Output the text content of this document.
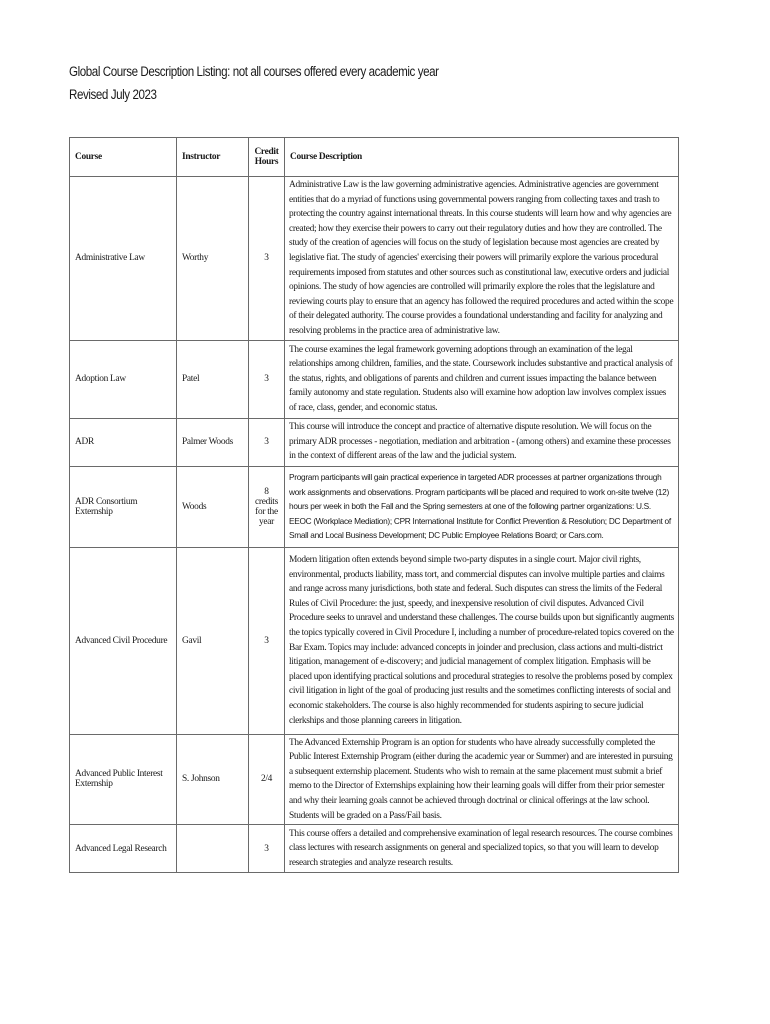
Global Course Description Listing: not all courses offered every academic year
Revised July 2023
Course	Instructor	Credit Hours	Course Description
Administrative Law	Worthy	3	Administrative Law is the law governing administrative agencies. Administrative agencies are government entities that do a myriad of functions using governmental powers ranging from collecting taxes and trash to protecting the country against international threats. In this course students will learn how and why agencies are created; how they exercise their powers to carry out their regulatory duties and how they are controlled. The study of the creation of agencies will focus on the study of legislation because most agencies are created by legislative fiat. The study of agencies' exercising their powers will primarily explore the various procedural requirements imposed from statutes and other sources such as constitutional law, executive orders and judicial opinions. The study of how agencies are controlled will primarily explore the roles that the legislature and reviewing courts play to ensure that an agency has followed the required procedures and acted within the scope of their delegated authority. The course provides a foundational understanding and facility for analyzing and resolving problems in the practice area of administrative law.
Adoption Law	Patel	3	The course examines the legal framework governing adoptions through an examination of the legal relationships among children, families, and the state. Coursework includes substantive and practical analysis of the status, rights, and obligations of parents and children and current issues impacting the balance between family autonomy and state regulation. Students also will examine how adoption law involves complex issues of race, class, gender, and economic status.
ADR	Palmer Woods	3	This course will introduce the concept and practice of alternative dispute resolution. We will focus on the primary ADR processes - negotiation, mediation and arbitration - (among others) and examine these processes in the context of different areas of the law and the judicial system.
ADR Consortium Externship	Woods	8 credits for the year	Program participants will gain practical experience in targeted ADR processes at partner organizations through work assignments and observations. Program participants will be placed and required to work on-site twelve (12) hours per week in both the Fall and the Spring semesters at one of the following partner organizations: U.S. EEOC (Workplace Mediation); CPR International Institute for Conflict Prevention & Resolution; DC Department of Small and Local Business Development; DC Public Employee Relations Board; or Cars.com.
Advanced Civil Procedure	Gavil	3	Modern litigation often extends beyond simple two-party disputes in a single court. Major civil rights, environmental, products liability, mass tort, and commercial disputes can involve multiple parties and claims and range across many jurisdictions, both state and federal. Such disputes can stress the limits of the Federal Rules of Civil Procedure: the just, speedy, and inexpensive resolution of civil disputes. Advanced Civil Procedure seeks to unravel and understand these challenges. The course builds upon but significantly augments the topics typically covered in Civil Procedure I, including a number of procedure-related topics covered on the Bar Exam. Topics may include: advanced concepts in joinder and preclusion, class actions and multi-district litigation, management of e-discovery; and judicial management of complex litigation. Emphasis will be placed upon identifying practical solutions and procedural strategies to resolve the problems posed by complex civil litigation in light of the goal of producing just results and the sometimes conflicting interests of social and economic stakeholders. The course is also highly recommended for students aspiring to secure judicial clerkships and those planning careers in litigation.
Advanced Public Interest Externship	S. Johnson	2/4	The Advanced Externship Program is an option for students who have already successfully completed the Public Interest Externship Program (either during the academic year or Summer) and are interested in pursuing a subsequent externship placement. Students who wish to remain at the same placement must submit a brief memo to the Director of Externships explaining how their learning goals will differ from their prior semester and why their learning goals cannot be achieved through doctrinal or clinical offerings at the law school. Students will be graded on a Pass/Fail basis.
Advanced Legal Research		3	This course offers a detailed and comprehensive examination of legal research resources. The course combines class lectures with research assignments on general and specialized topics, so that you will learn to develop research strategies and analyze research results.
